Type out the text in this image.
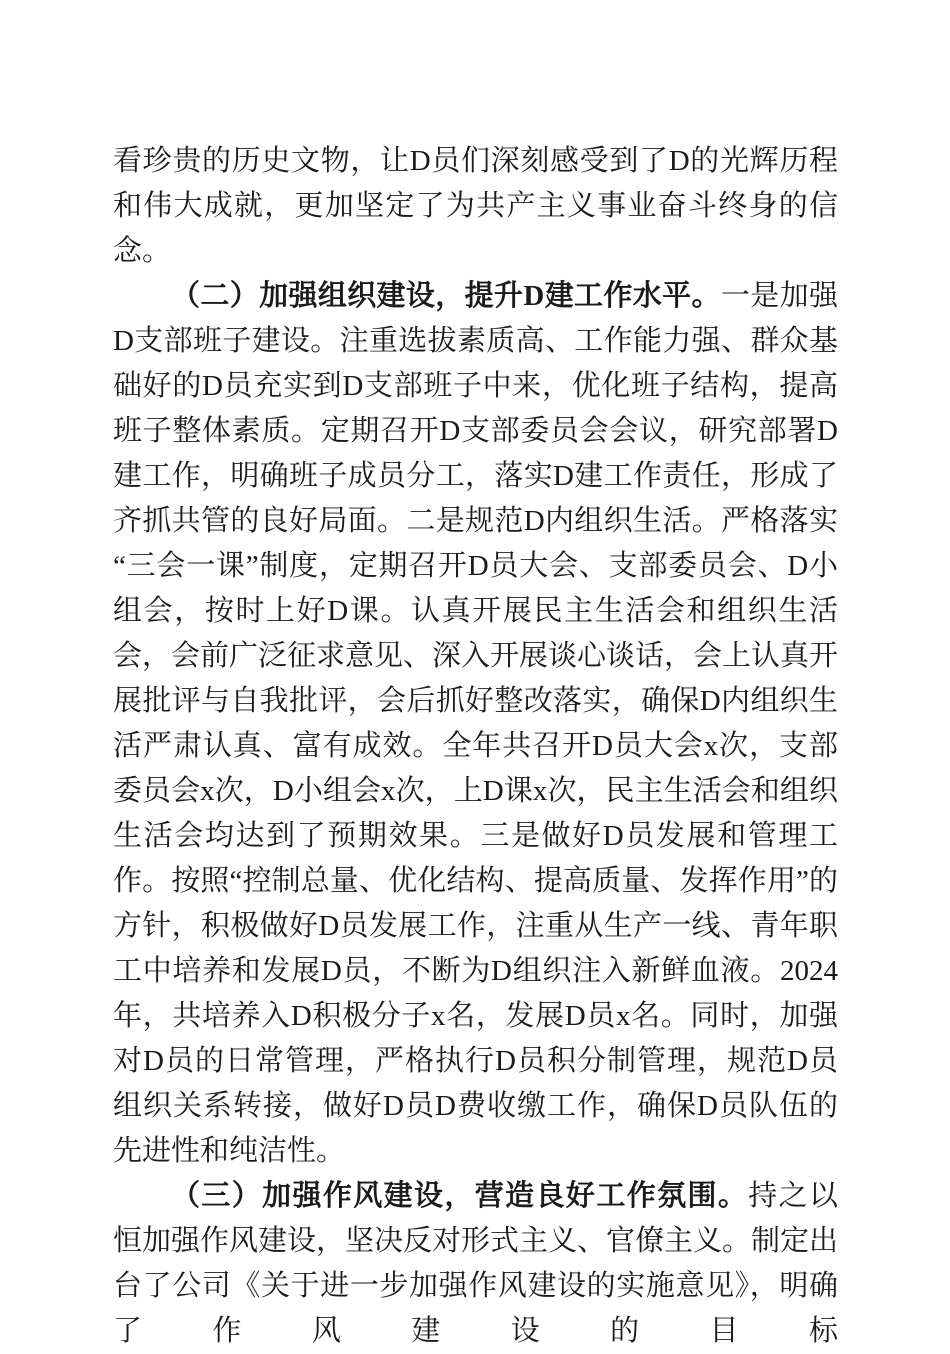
看珍贵的历史文物，让D员们深刻感受到了D的光辉历程和伟大成就，更加坚定了为共产主义事业奋斗终身的信念。

（二）加强组织建设，提升D建工作水平。一是加强D支部班子建设。注重选拔素质高、工作能力强、群众基础好的D员充实到D支部班子中来，优化班子结构，提高班子整体素质。定期召开D支部委员会会议，研究部署D建工作，明确班子成员分工，落实D建工作责任，形成了齐抓共管的良好局面。二是规范D内组织生活。严格落实“三会一课”制度，定期召开D员大会、支部委员会、D小组会，按时上好D课。认真开展民主生活会和组织生活会，会前广泛征求意见、深入开展谈心谈话，会上认真开展批评与自我批评，会后抓好整改落实，确保D内组织生活严肃认真、富有成效。全年共召开D员大会x次，支部委员会x次，D小组会x次，上D课x次，民主生活会和组织生活会均达到了预期效果。三是做好D员发展和管理工作。按照“控制总量、优化结构、提高质量、发挥作用”的方针，积极做好D员发展工作，注重从生产一线、青年职工中培养和发展D员，不断为D组织注入新鲜血液。2024年，共培养入D积极分子x名，发展D员x名。同时，加强对D员的日常管理，严格执行D员积分制管理，规范D员组织关系转接，做好D员D费收缴工作，确保D员队伍的先进性和纯洁性。

（三）加强作风建设，营造良好工作氛围。持之以恒加强作风建设，坚决反对形式主义、官僚主义。制定出台了公司《关于进一步加强作风建设的实施意见》，明确了作风建设的目标
